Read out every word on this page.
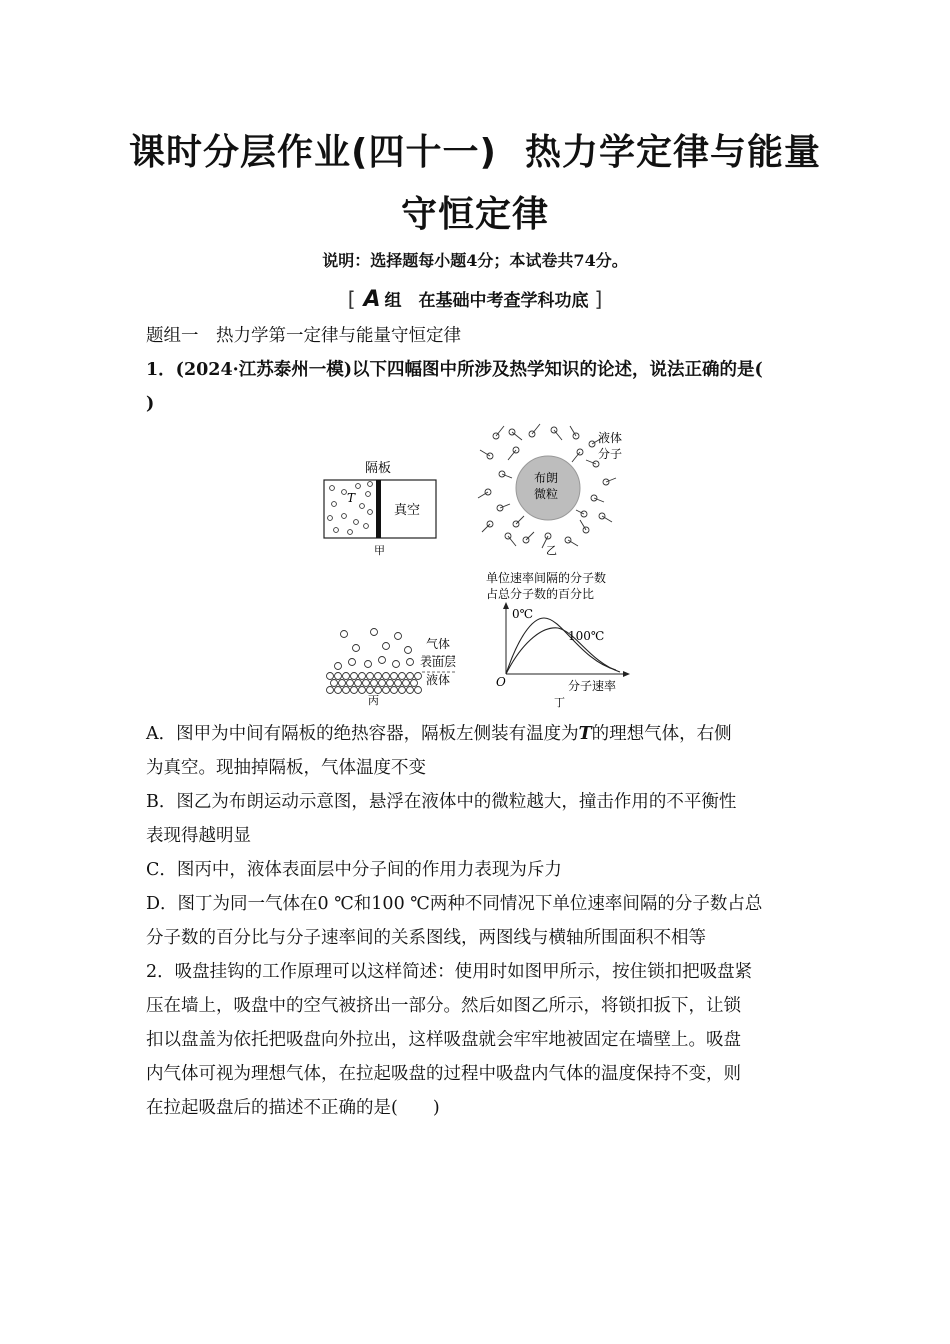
课时分层作业(四十一) 热力学定律与能量
守恒定律
说明：选择题每小题4分；本试卷共74分。
[ A 组　在基础中考查学科功底 ]
题组一　热力学第一定律与能量守恒定律
1．(2024·江苏泰州一模)以下四幅图中所涉及热学知识的论述，说法正确的是(
)
隔板
T
真空
甲
布朗
微粒
液体
分子
乙
气体
表面层
液体
丙
单位速率间隔的分子数
占总分子数的百分比
0℃
100℃
O	分子速率
丁
A．图甲为中间有隔板的绝热容器，隔板左侧装有温度为T的理想气体，右侧
为真空。现抽掉隔板，气体温度不变
B．图乙为布朗运动示意图，悬浮在液体中的微粒越大，撞击作用的不平衡性
表现得越明显
C．图丙中，液体表面层中分子间的作用力表现为斥力
D．图丁为同一气体在0 ℃和100 ℃两种不同情况下单位速率间隔的分子数占总
分子数的百分比与分子速率间的关系图线，两图线与横轴所围面积不相等
2．吸盘挂钩的工作原理可以这样简述：使用时如图甲所示，按住锁扣把吸盘紧
压在墙上，吸盘中的空气被挤出一部分。然后如图乙所示，将锁扣扳下，让锁
扣以盘盖为依托把吸盘向外拉出，这样吸盘就会牢牢地被固定在墙壁上。吸盘
内气体可视为理想气体，在拉起吸盘的过程中吸盘内气体的温度保持不变，则
在拉起吸盘后的描述不正确的是(　　)
